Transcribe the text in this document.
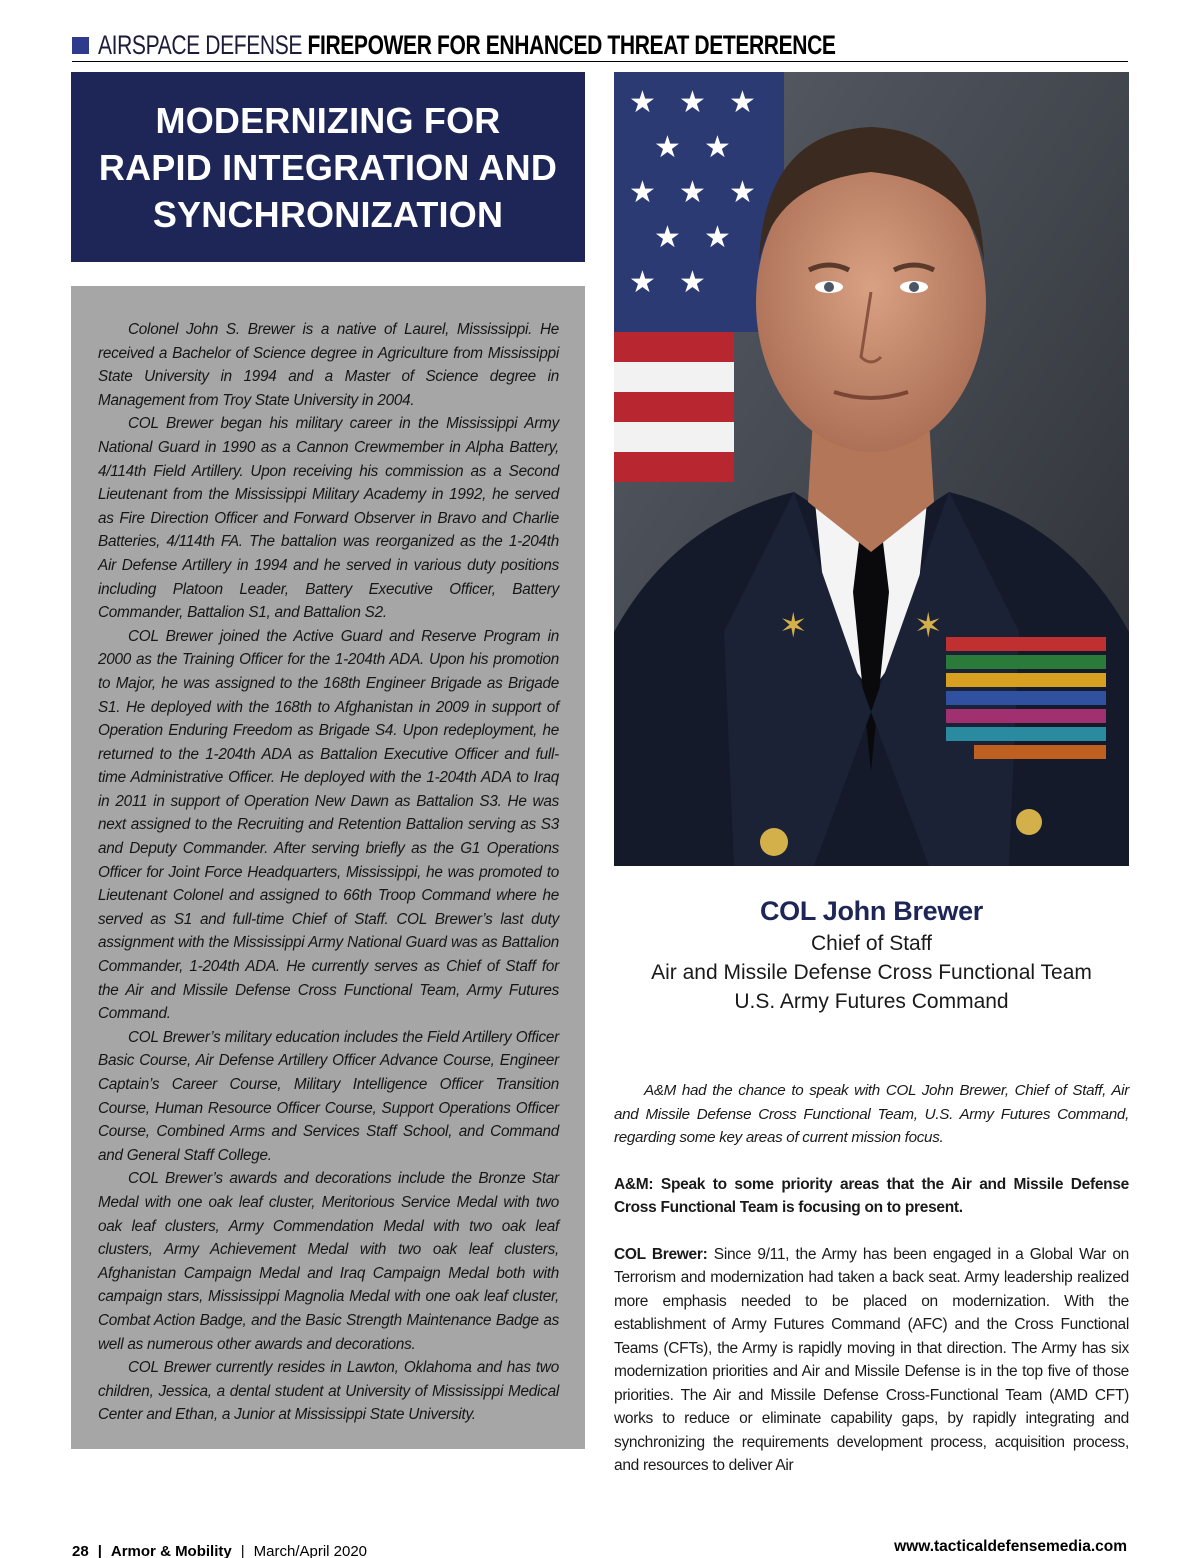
AIRSPACE DEFENSE FIREPOWER FOR ENHANCED THREAT DETERRENCE
MODERNIZING FOR
RAPID INTEGRATION AND
SYNCHRONIZATION

Colonel John S. Brewer is a native of Laurel, Mississippi. He received a Bachelor of Science degree in Agriculture from Mississippi State University in 1994 and a Master of Science degree in Management from Troy State University in 2004.

COL Brewer began his military career in the Mississippi Army National Guard in 1990 as a Cannon Crewmember in Alpha Battery, 4/114th Field Artillery. Upon receiving his commission as a Second Lieutenant from the Mississippi Military Academy in 1992, he served as Fire Direction Officer and Forward Observer in Bravo and Charlie Batteries, 4/114th FA. The battalion was reorganized as the 1-204th Air Defense Artillery in 1994 and he served in various duty positions including Platoon Leader, Battery Executive Officer, Battery Commander, Battalion S1, and Battalion S2.

COL Brewer joined the Active Guard and Reserve Program in 2000 as the Training Officer for the 1-204th ADA. Upon his promotion to Major, he was assigned to the 168th Engineer Brigade as Brigade S1. He deployed with the 168th to Afghanistan in 2009 in support of Operation Enduring Freedom as Brigade S4. Upon redeployment, he returned to the 1-204th ADA as Battalion Executive Officer and full-time Administrative Officer. He deployed with the 1-204th ADA to Iraq in 2011 in support of Operation New Dawn as Battalion S3. He was next assigned to the Recruiting and Retention Battalion serving as S3 and Deputy Commander. After serving briefly as the G1 Operations Officer for Joint Force Headquarters, Mississippi, he was promoted to Lieutenant Colonel and assigned to 66th Troop Command where he served as S1 and full-time Chief of Staff. COL Brewer’s last duty assignment with the Mississippi Army National Guard was as Battalion Commander, 1-204th ADA. He currently serves as Chief of Staff for the Air and Missile Defense Cross Functional Team, Army Futures Command.

COL Brewer’s military education includes the Field Artillery Officer Basic Course, Air Defense Artillery Officer Advance Course, Engineer Captain’s Career Course, Military Intelligence Officer Transition Course, Human Resource Officer Course, Support Operations Officer Course, Combined Arms and Services Staff School, and Command and General Staff College.

COL Brewer’s awards and decorations include the Bronze Star Medal with one oak leaf cluster, Meritorious Service Medal with two oak leaf clusters, Army Commendation Medal with two oak leaf clusters, Army Achievement Medal with two oak leaf clusters, Afghanistan Campaign Medal and Iraq Campaign Medal both with campaign stars, Mississippi Magnolia Medal with one oak leaf cluster, Combat Action Badge, and the Basic Strength Maintenance Badge as well as numerous other awards and decorations.

COL Brewer currently resides in Lawton, Oklahoma and has two children, Jessica, a dental student at University of Mississippi Medical Center and Ethan, a Junior at Mississippi State University.

★ ★ ★
★ ★
★ ★ ★
★ ★
★ ★
✶	✶
COL John Brewer
Chief of Staff
Air and Missile Defense Cross Functional Team
U.S. Army Futures Command

A&M had the chance to speak with COL John Brewer, Chief of Staff, Air and Missile Defense Cross Functional Team, U.S. Army Futures Command, regarding some key areas of current mission focus.

A&M: Speak to some priority areas that the Air and Missile Defense Cross Functional Team is focusing on to present.

COL Brewer: Since 9/11, the Army has been engaged in a Global War on Terrorism and modernization had taken a back seat. Army leadership realized more emphasis needed to be placed on modernization. With the establishment of Army Futures Command (AFC) and the Cross Functional Teams (CFTs), the Army is rapidly moving in that direction. The Army has six modernization priorities and Air and Missile Defense is in the top five of those priorities. The Air and Missile Defense Cross-Functional Team (AMD CFT) works to reduce or eliminate capability gaps, by rapidly integrating and synchronizing the requirements development process, acquisition process, and resources to deliver Air

28 | Armor & Mobility | March/April 2020	www.tacticaldefensemedia.com
